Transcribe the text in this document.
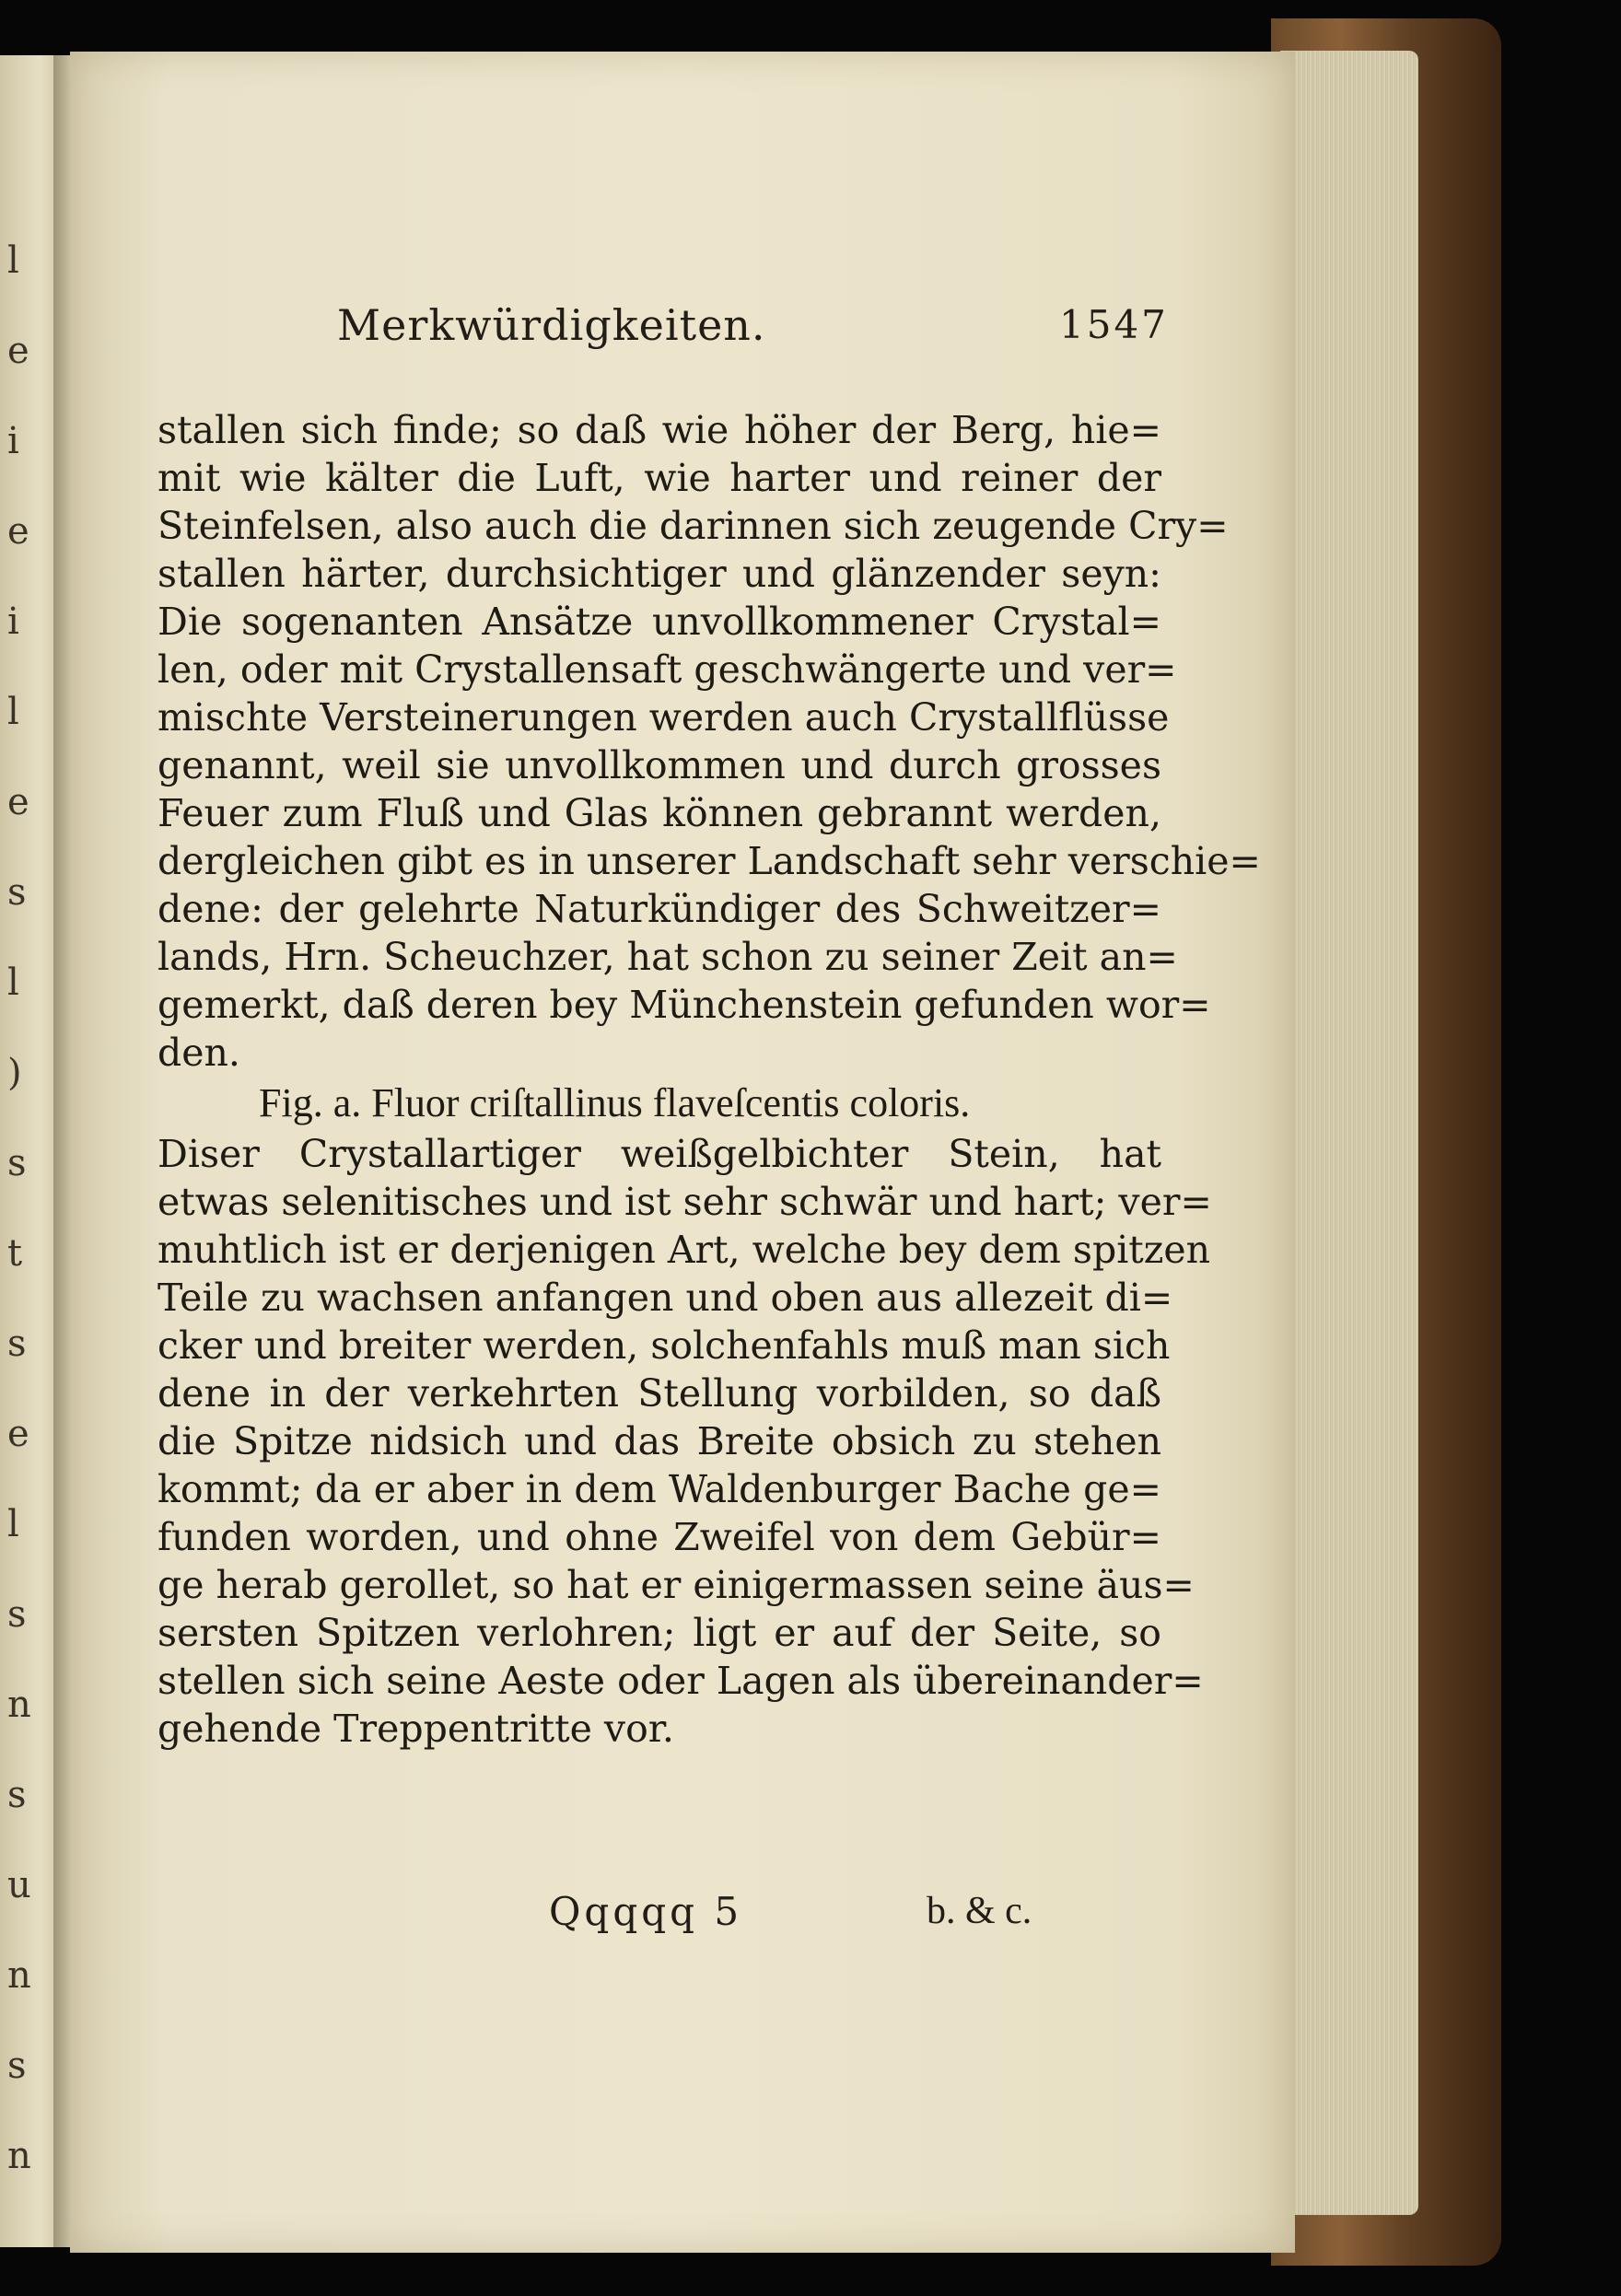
l
e
i
e
i
l
e
s
l
)
s
t
s
e
l
s
n
s
u
n
s
n
Merkwürdigkeiten.	1547
stallen sich finde; so daß wie höher der Berg, hie=
mit wie kälter die Luft, wie harter und reiner der
Steinfelsen, also auch die darinnen sich zeugende Cry=
stallen härter, durchsichtiger und glänzender seyn:
Die sogenanten Ansätze unvollkommener Crystal=
len, oder mit Crystallensaft geschwängerte und ver=
mischte Versteinerungen werden auch Crystallflüsse
genannt, weil sie unvollkommen und durch grosses
Feuer zum Fluß und Glas können gebrannt werden,
dergleichen gibt es in unserer Landschaft sehr verschie=
dene: der gelehrte Naturkündiger des Schweitzer=
lands, Hrn. Scheuchzer, hat schon zu seiner Zeit an=
gemerkt, daß deren bey Münchenstein gefunden wor=
den.
Fig. a. Fluor criſtallinus flaveſcentis coloris.
Diser Crystallartiger weißgelbichter Stein, hat
etwas selenitisches und ist sehr schwär und hart; ver=
muhtlich ist er derjenigen Art, welche bey dem spitzen
Teile zu wachsen anfangen und oben aus allezeit di=
cker und breiter werden, solchenfahls muß man sich
dene in der verkehrten Stellung vorbilden, so daß
die Spitze nidsich und das Breite obsich zu stehen
kommt; da er aber in dem Waldenburger Bache ge=
funden worden, und ohne Zweifel von dem Gebür=
ge herab gerollet, so hat er einigermassen seine äus=
sersten Spitzen verlohren; ligt er auf der Seite, so
stellen sich seine Aeste oder Lagen als übereinander=
gehende Treppentritte vor.
Qqqqq 5	b. & c.
